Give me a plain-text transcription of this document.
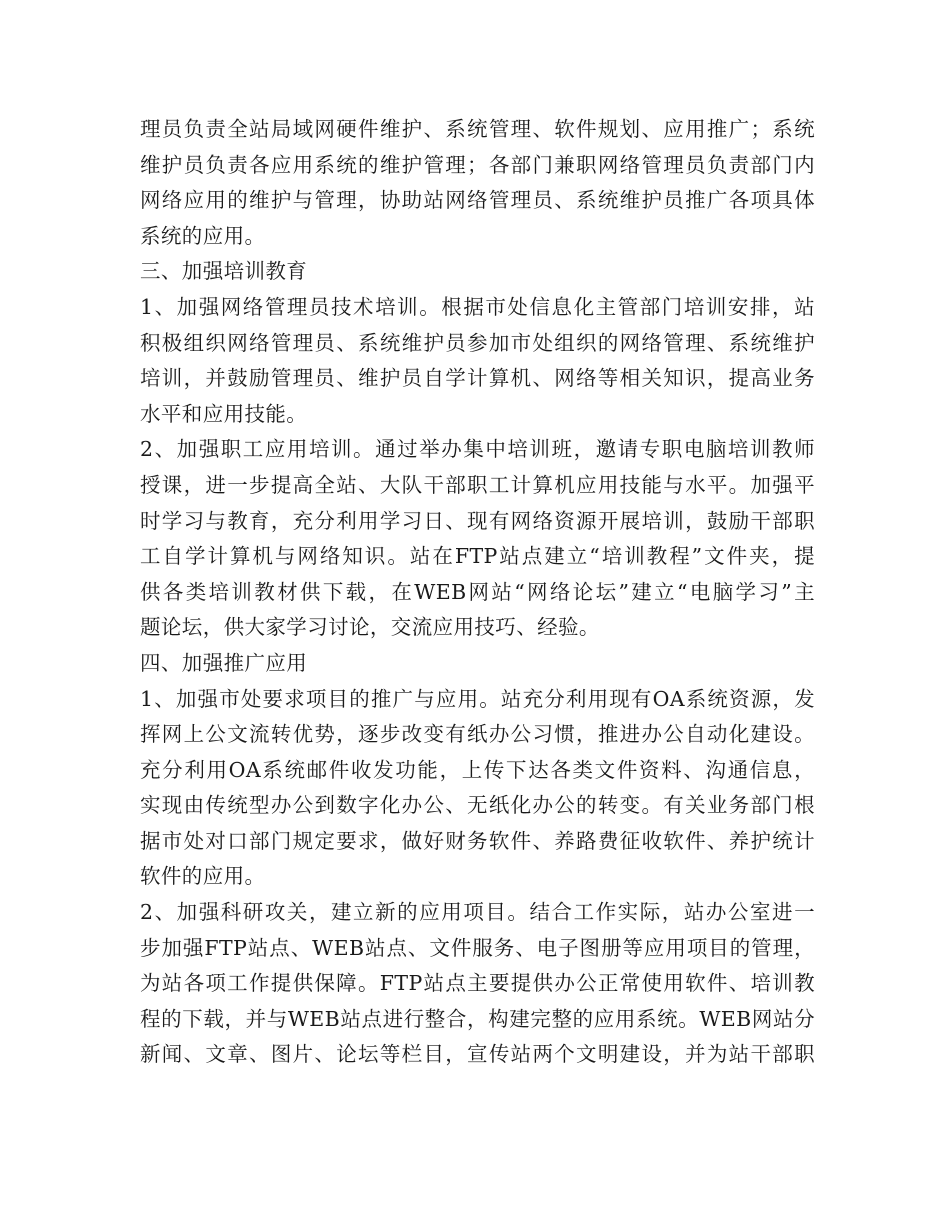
理员负责全站局域网硬件维护、系统管理、软件规划、应用推广；系统
维护员负责各应用系统的维护管理；各部门兼职网络管理员负责部门内
网络应用的维护与管理，协助站网络管理员、系统维护员推广各项具体
系统的应用。
三、加强培训教育
1、加强网络管理员技术培训。根据市处信息化主管部门培训安排，站
积极组织网络管理员、系统维护员参加市处组织的网络管理、系统维护
培训，并鼓励管理员、维护员自学计算机、网络等相关知识，提高业务
水平和应用技能。
2、加强职工应用培训。通过举办集中培训班，邀请专职电脑培训教师
授课，进一步提高全站、大队干部职工计算机应用技能与水平。加强平
时学习与教育，充分利用学习日、现有网络资源开展培训，鼓励干部职
工自学计算机与网络知识。站在FTP站点建立“培训教程”文件夹，提
供各类培训教材供下载，在WEB网站“网络论坛”建立“电脑学习”主
题论坛，供大家学习讨论，交流应用技巧、经验。
四、加强推广应用
1、加强市处要求项目的推广与应用。站充分利用现有OA系统资源，发
挥网上公文流转优势，逐步改变有纸办公习惯，推进办公自动化建设。
充分利用OA系统邮件收发功能，上传下达各类文件资料、沟通信息，
实现由传统型办公到数字化办公、无纸化办公的转变。有关业务部门根
据市处对口部门规定要求，做好财务软件、养路费征收软件、养护统计
软件的应用。
2、加强科研攻关，建立新的应用项目。结合工作实际，站办公室进一
步加强FTP站点、WEB站点、文件服务、电子图册等应用项目的管理，
为站各项工作提供保障。FTP站点主要提供办公正常使用软件、培训教
程的下载，并与WEB站点进行整合，构建完整的应用系统。WEB网站分
新闻、文章、图片、论坛等栏目，宣传站两个文明建设，并为站干部职
